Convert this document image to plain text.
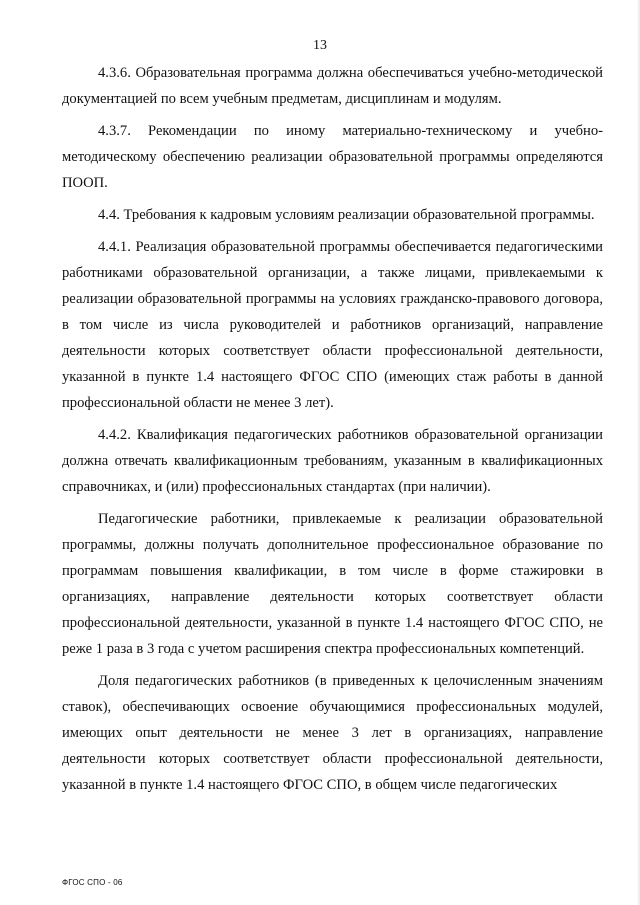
13

4.3.6. Образовательная программа должна обеспечиваться учебно-методической документацией по всем учебным предметам, дисциплинам и модулям.

4.3.7. Рекомендации по иному материально-техническому и учебно-методическому обеспечению реализации образовательной программы определяются ПООП.

4.4. Требования к кадровым условиям реализации образовательной программы.

4.4.1. Реализация образовательной программы обеспечивается педагогическими работниками образовательной организации, а также лицами, привлекаемыми к реализации образовательной программы на условиях гражданско-правового договора, в том числе из числа руководителей и работников организаций, направление деятельности которых соответствует области профессиональной деятельности, указанной в пункте 1.4 настоящего ФГОС СПО (имеющих стаж работы в данной профессиональной области не менее 3 лет).

4.4.2. Квалификация педагогических работников образовательной организации должна отвечать квалификационным требованиям, указанным в квалификационных справочниках, и (или) профессиональных стандартах (при наличии).

Педагогические работники, привлекаемые к реализации образовательной программы, должны получать дополнительное профессиональное образование по программам повышения квалификации, в том числе в форме стажировки в организациях, направление деятельности которых соответствует области профессиональной деятельности, указанной в пункте 1.4 настоящего ФГОС СПО, не реже 1 раза в 3 года с учетом расширения спектра профессиональных компетенций.

Доля педагогических работников (в приведенных к целочисленным значениям ставок), обеспечивающих освоение обучающимися профессиональных модулей, имеющих опыт деятельности не менее 3 лет в организациях, направление деятельности которых соответствует области профессиональной деятельности, указанной в пункте 1.4 настоящего ФГОС СПО, в общем числе педагогических

ФГОС СПО - 06
